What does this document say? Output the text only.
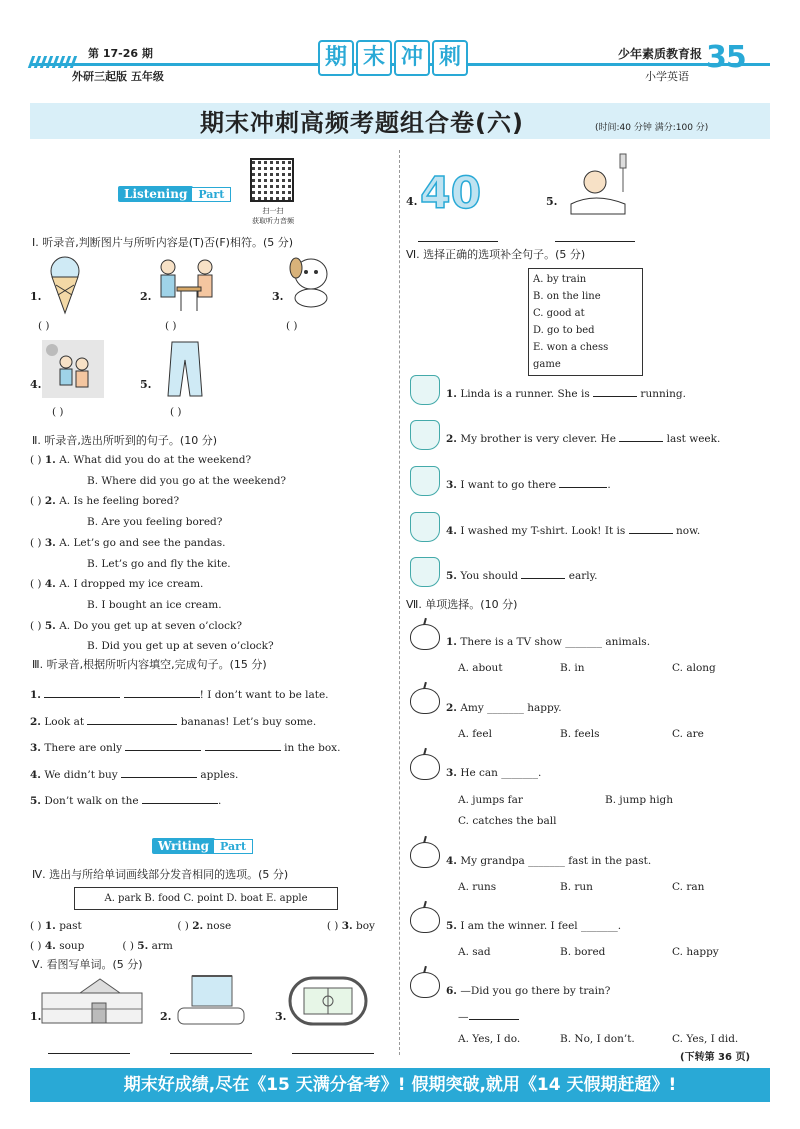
第 17-26 期
外研三起版 五年级
期 末 冲 刺	少年素质教育报
小学英语
35
期末冲刺高频考题组合卷(六)	(时间:40 分钟 满分:100 分)
Listening Part
扫一扫
获取听力音频
Ⅰ. 听录音,判断图片与所听内容是(T)否(F)相符。(5 分)
1.
( )
2.
( )
3.
( )
4.
( )
5.
( )
Ⅱ. 听录音,选出所听到的句子。(10 分)
( ) 1. A. What did you do at the weekend?
B. Where did you go at the weekend?
( ) 2. A. Is he feeling bored?
B. Are you feeling bored?
( ) 3. A. Let’s go and see the pandas.
B. Let’s go and fly the kite.
( ) 4. A. I dropped my ice cream.
B. I bought an ice cream.
( ) 5. A. Do you get up at seven o’clock?
B. Did you get up at seven o’clock?
Ⅲ. 听录音,根据所听内容填空,完成句子。(15 分)
1.	! I don’t want to be late.
2. Look at	bananas! Let’s buy some.
3. There are only	in the box.
4. We didn’t buy	apples.
5. Don’t walk on the	.
Writing Part
Ⅳ. 选出与所给单词画线部分发音相同的选项。(5 分)
A. park B. food C. point D. boat E. apple
( ) 1. past	( ) 2. nose	( ) 3. boy
( ) 4. soup	( ) 5. arm
Ⅴ. 看图写单词。(5 分)
1.	2.	3.
4. 40	5.
Ⅵ. 选择正确的选项补全句子。(5 分)
A. by train
B. on the line
C. good at
D. go to bed
E. won a chess game
1. Linda is a runner. She is	running.
2. My brother is very clever. He	last week.
3. I want to go there	.
4. I washed my T-shirt. Look! It is	now.
5. You should	early.
Ⅶ. 单项选择。(10 分)
1. There is a TV show _______ animals.
A. about	B. in	C. along
2. Amy _______ happy.
A. feel	B. feels	C. are
3. He can _______.
A. jumps far	B. jump high
C. catches the ball
4. My grandpa _______ fast in the past.
A. runs	B. run	C. ran
5. I am the winner. I feel _______.
A. sad	B. bored	C. happy
6. —Did you go there by train?
—
A. Yes, I do.	B. No, I don’t.	C. Yes, I did.
(下转第 36 页)
期末好成绩,尽在《15 天满分备考》! 假期突破,就用《14 天假期赶超》!
